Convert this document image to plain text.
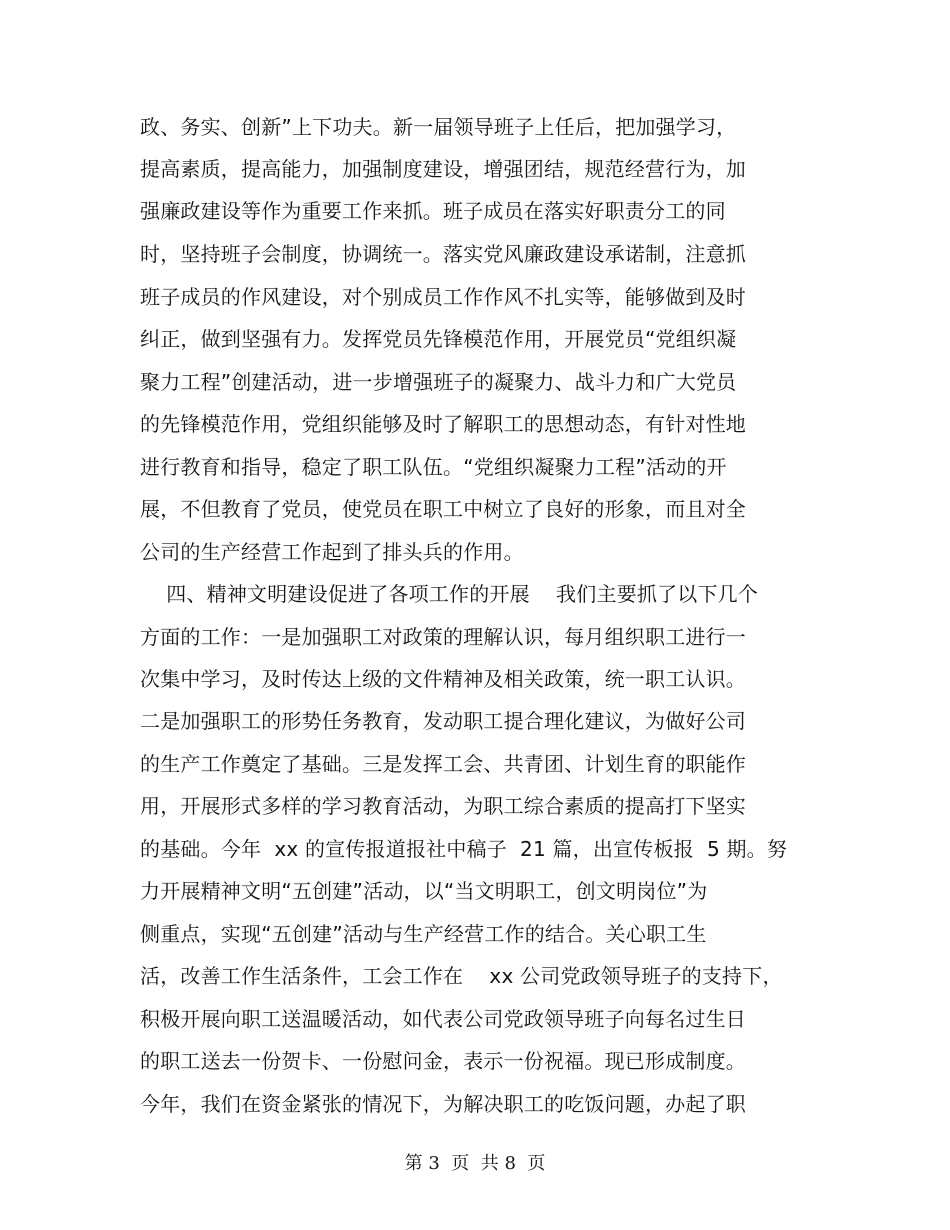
政、务实、创新”上下功夫。新一届领导班子上任后，把加强学习，
提高素质，提高能力，加强制度建设，增强团结，规范经营行为，加
强廉政建设等作为重要工作来抓。班子成员在落实好职责分工的同
时，坚持班子会制度，协调统一。落实党风廉政建设承诺制，注意抓
班子成员的作风建设，对个别成员工作作风不扎实等，能够做到及时
纠正，做到坚强有力。发挥党员先锋模范作用，开展党员“党组织凝
聚力工程”创建活动，进一步增强班子的凝聚力、战斗力和广大党员
的先锋模范作用，党组织能够及时了解职工的思想动态，有针对性地
进行教育和指导，稳定了职工队伍。“党组织凝聚力工程”活动的开
展，不但教育了党员，使党员在职工中树立了良好的形象，而且对全
公司的生产经营工作起到了排头兵的作用。
四、精神文明建设促进了各项工作的开展    我们主要抓了以下几个
方面的工作：一是加强职工对政策的理解认识，每月组织职工进行一
次集中学习，及时传达上级的文件精神及相关政策，统一职工认识。
二是加强职工的形势任务教育，发动职工提合理化建议，为做好公司
的生产工作奠定了基础。三是发挥工会、共青团、计划生育的职能作
用，开展形式多样的学习教育活动，为职工综合素质的提高打下坚实
的基础。今年  xx 的宣传报道报社中稿子  21 篇，出宣传板报  5 期。努
力开展精神文明“五创建”活动，以“当文明职工，创文明岗位”为
侧重点，实现“五创建”活动与生产经营工作的结合。关心职工生
活，改善工作生活条件，工会工作在    xx 公司党政领导班子的支持下，
积极开展向职工送温暖活动，如代表公司党政领导班子向每名过生日
的职工送去一份贺卡、一份慰问金，表示一份祝福。现已形成制度。
今年，我们在资金紧张的情况下，为解决职工的吃饭问题，办起了职
第 3  页  共 8  页
